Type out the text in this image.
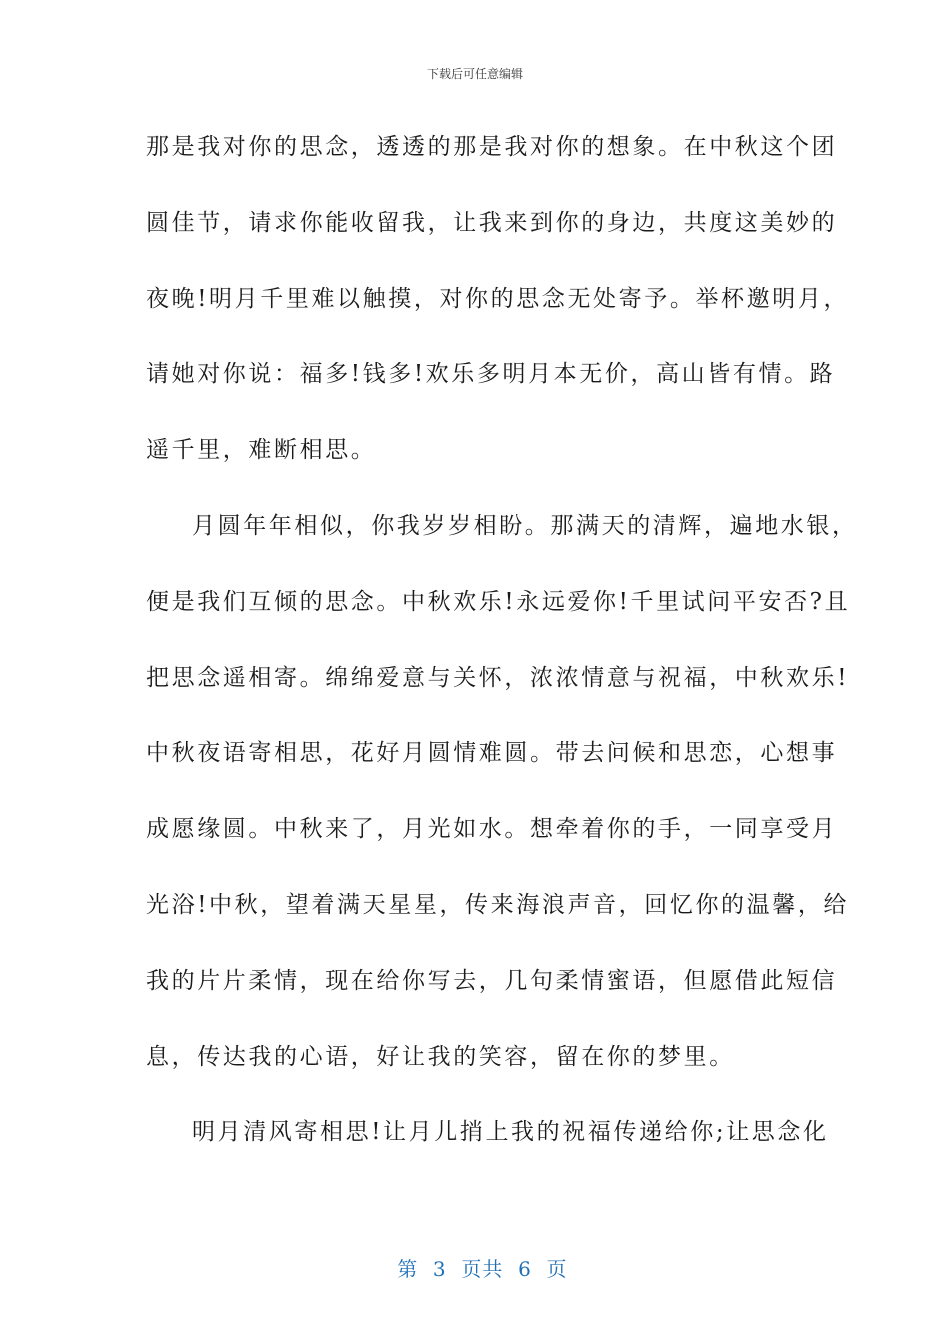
下载后可任意编辑
那是我对你的思念，透透的那是我对你的想象。在中秋这个团
圆佳节，请求你能收留我，让我来到你的身边，共度这美妙的
夜晚!明月千里难以触摸，对你的思念无处寄予。举杯邀明月，
请她对你说：福多!钱多!欢乐多明月本无价，高山皆有情。路
遥千里，难断相思。
月圆年年相似，你我岁岁相盼。那满天的清辉，遍地水银，
便是我们互倾的思念。中秋欢乐!永远爱你!千里试问平安否?且
把思念遥相寄。绵绵爱意与关怀，浓浓情意与祝福，中秋欢乐!
中秋夜语寄相思，花好月圆情难圆。带去问候和思恋，心想事
成愿缘圆。中秋来了，月光如水。想牵着你的手，一同享受月
光浴!中秋，望着满天星星，传来海浪声音，回忆你的温馨，给
我的片片柔情，现在给你写去，几句柔情蜜语，但愿借此短信
息，传达我的心语，好让我的笑容，留在你的梦里。
明月清风寄相思!让月儿捎上我的祝福传递给你;让思念化

第  3  页共  6  页
